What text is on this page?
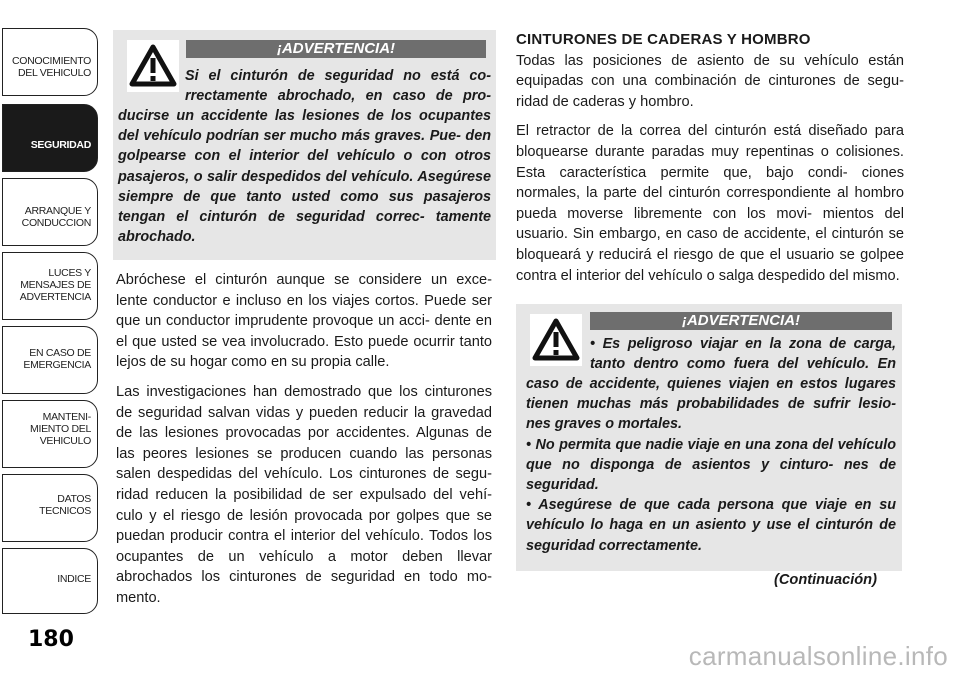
CONOCIMIENTO
DEL VEHICULO
SEGURIDAD
ARRANQUE Y
CONDUCCION
LUCES Y
MENSAJES DE
ADVERTENCIA
EN CASO DE
EMERGENCIA
MANTENI-
MIENTO DEL
VEHICULO
DATOS
TECNICOS
INDICE
180
¡ADVERTENCIA!

Si el cinturón de seguridad no está co-

rrectamente abrochado, en caso de pro-

ducirse un accidente las lesiones de los ocupantes del vehículo podrían ser mucho más graves. Pue- den golpearse con el interior del vehículo o con otros pasajeros, o salir despedidos del vehículo. Asegúrese siempre de que tanto usted como sus pasajeros tengan el cinturón de seguridad correc- tamente abrochado.

Abróchese el cinturón aunque se considere un exce- lente conductor e incluso en los viajes cortos. Puede ser que un conductor imprudente provoque un acci- dente en el que usted se vea involucrado. Esto puede ocurrir tanto lejos de su hogar como en su propia calle.

Las investigaciones han demostrado que los cinturones de seguridad salvan vidas y pueden reducir la gravedad de las lesiones provocadas por accidentes. Algunas de las peores lesiones se producen cuando las personas salen despedidas del vehículo. Los cinturones de segu- ridad reducen la posibilidad de ser expulsado del vehí- culo y el riesgo de lesión provocada por golpes que se puedan producir contra el interior del vehículo. Todos los ocupantes de un vehículo a motor deben llevar abrochados los cinturones de seguridad en todo mo- mento.

CINTURONES DE CADERAS Y HOMBRO

Todas las posiciones de asiento de su vehículo están equipadas con una combinación de cinturones de segu- ridad de caderas y hombro.

El retractor de la correa del cinturón está diseñado para bloquearse durante paradas muy repentinas o colisiones. Esta característica permite que, bajo condi- ciones normales, la parte del cinturón correspondiente al hombro pueda moverse libremente con los movi- mientos del usuario. Sin embargo, en caso de accidente, el cinturón se bloqueará y reducirá el riesgo de que el usuario se golpee contra el interior del vehículo o salga despedido del mismo.

¡ADVERTENCIA!

• Es peligroso viajar en la zona de carga,

tanto dentro como fuera del vehículo. En

caso de accidente, quienes viajen en estos lugares tienen muchas más probabilidades de sufrir lesio- nes graves o mortales.

• No permita que nadie viaje en una zona del vehículo que no disponga de asientos y cinturo- nes de seguridad.

• Asegúrese de que cada persona que viaje en su vehículo lo haga en un asiento y use el cinturón de seguridad correctamente.

(Continuación)
carmanualsonline.info
